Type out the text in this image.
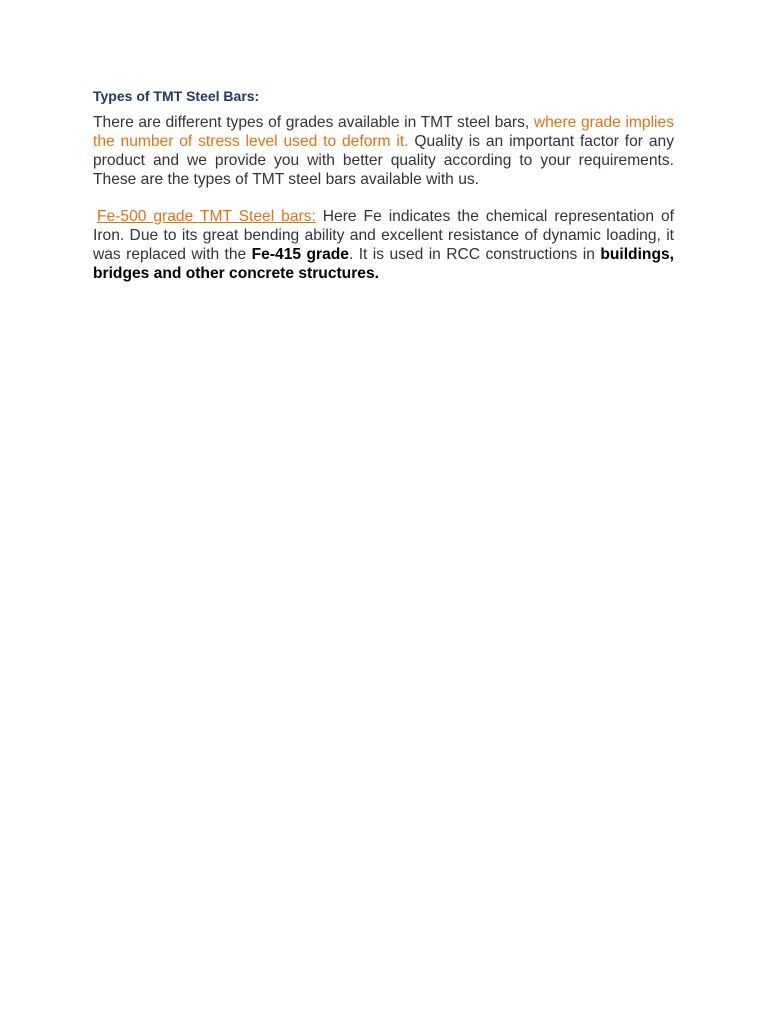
Types of TMT Steel Bars:

There are different types of grades available in TMT steel bars, where grade implies the number of stress level used to deform it. Quality is an important factor for any product and we provide you with better quality according to your requirements. These are the types of TMT steel bars available with us.

Fe-500 grade TMT Steel bars: Here Fe indicates the chemical representation of Iron. Due to its great bending ability and excellent resistance of dynamic loading, it was replaced with the Fe-415 grade. It is used in RCC constructions in buildings, bridges and other concrete structures.
